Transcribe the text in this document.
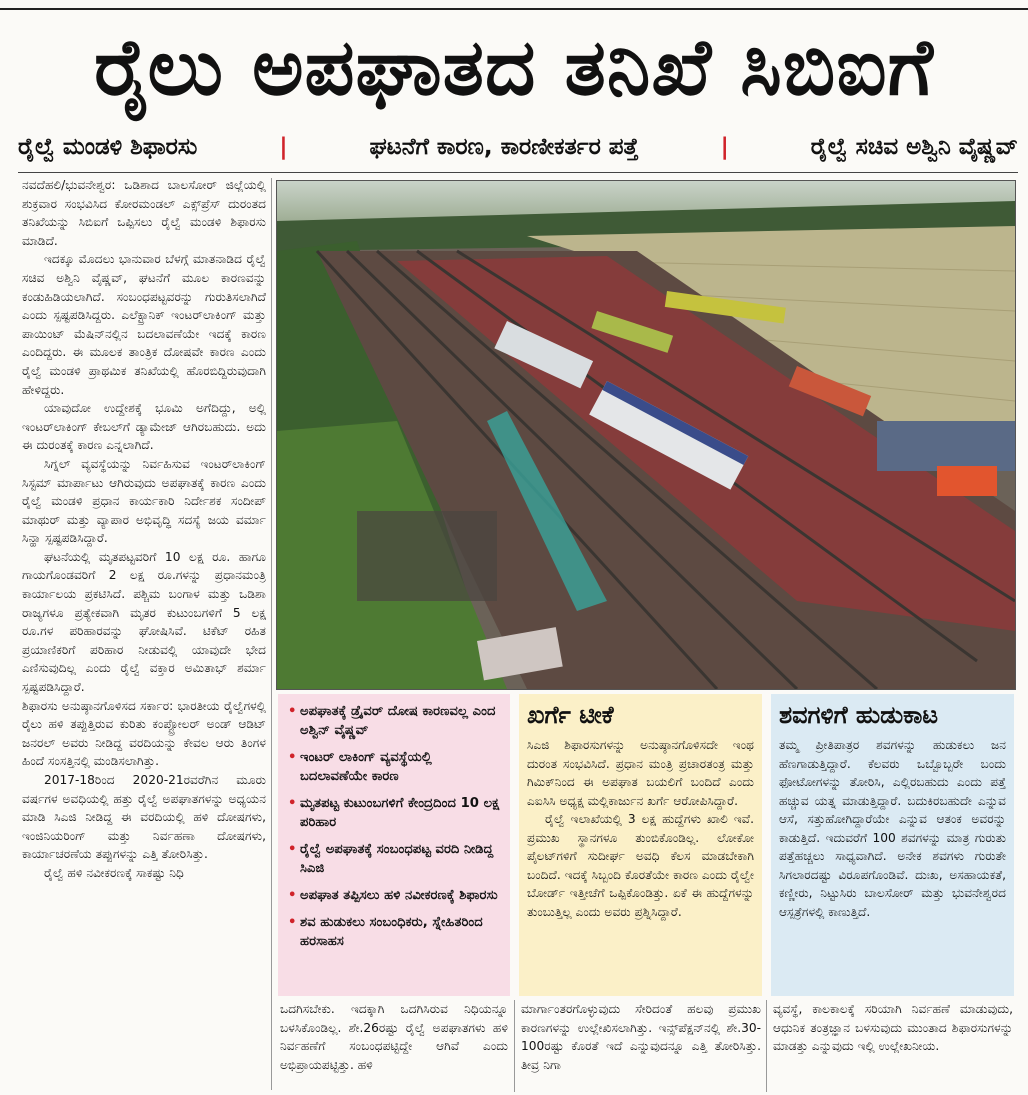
ರೈಲು ಅಪಘಾತದ ತನಿಖೆ ಸಿಬಿಐಗೆ
ರೈಲ್ವೆ ಮಂಡಳಿ ಶಿಫಾರಸು	|	ಘಟನೆಗೆ ಕಾರಣ, ಕಾರಣೀಕರ್ತರ ಪತ್ತೆ	|	ರೈಲ್ವೆ ಸಚಿವ ಅಶ್ವಿನಿ ವೈಷ್ಣವ್

ನವದೆಹಲಿ/ಭುವನೇಶ್ವರ: ಒಡಿಶಾದ ಬಾಲಸೋರ್ ಜಿಲ್ಲೆಯಲ್ಲಿ ಶುಕ್ರವಾರ ಸಂಭವಿಸಿದ ಕೋರಮಂಡಲ್ ಎಕ್ಸ್‌ಪ್ರೆಸ್ ದುರಂತದ ತನಿಖೆಯನ್ನು ಸಿಬಿಐಗೆ ಒಪ್ಪಿಸಲು ರೈಲ್ವೆ ಮಂಡಳಿ ಶಿಫಾರಸು ಮಾಡಿದೆ.

ಇದಕ್ಕೂ ಮೊದಲು ಭಾನುವಾರ ಬೆಳಗ್ಗೆ ಮಾತನಾಡಿದ ರೈಲ್ವೆ ಸಚಿವ ಅಶ್ವಿನಿ ವೈಷ್ಣವ್, ಘಟನೆಗೆ ಮೂಲ ಕಾರಣವನ್ನು ಕಂಡುಹಿಡಿಯಲಾಗಿದೆ. ಸಂಬಂಧಪಟ್ಟವರನ್ನು ಗುರುತಿಸಲಾಗಿದೆ ಎಂದು ಸ್ಪಷ್ಟಪಡಿಸಿದ್ದರು. ಎಲೆಕ್ಟ್ರಾನಿಕ್ ಇಂಟರ್‌ಲಾಕಿಂಗ್ ಮತ್ತು ಪಾಯಿಂಟ್ ಮೆಷಿನ್‌ನಲ್ಲಿನ ಬದಲಾವಣೆಯೇ ಇದಕ್ಕೆ ಕಾರಣ ಎಂದಿದ್ದರು. ಈ ಮೂಲಕ ತಾಂತ್ರಿಕ ದೋಷವೇ ಕಾರಣ ಎಂದು ರೈಲ್ವೆ ಮಂಡಳಿ ಪ್ರಾಥಮಿಕ ತನಿಖೆಯಲ್ಲಿ ಹೊರಬಿದ್ದಿರುವುದಾಗಿ ಹೇಳಿದ್ದರು.

ಯಾವುದೋ ಉದ್ದೇಶಕ್ಕೆ ಭೂಮಿ ಅಗೆದಿದ್ದು, ಅಲ್ಲಿ ಇಂಟರ್‌ಲಾಕಿಂಗ್ ಕೇಬಲ್‌ಗೆ ಡ್ಯಾಮೇಜ್ ಆಗಿರಬಹುದು. ಅದು ಈ ದುರಂತಕ್ಕೆ ಕಾರಣ ಎನ್ನಲಾಗಿದೆ.

ಸಿಗ್ನಲ್ ವ್ಯವಸ್ಥೆಯನ್ನು ನಿರ್ವಹಿಸುವ ಇಂಟರ್‌ಲಾಕಿಂಗ್ ಸಿಸ್ಟಮ್ ಮಾರ್ಪಾಟು ಆಗಿರುವುದು ಅಪಘಾತಕ್ಕೆ ಕಾರಣ ಎಂದು ರೈಲ್ವೆ ಮಂಡಳಿ ಪ್ರಧಾನ ಕಾರ್ಯಕಾರಿ ನಿರ್ದೇಶಕ ಸಂದೀಪ್ ಮಾಥುರ್ ಮತ್ತು ವ್ಯಾಪಾರ ಅಭಿವೃದ್ಧಿ ಸದಸ್ಯೆ ಜಯ ವರ್ಮಾ ಸಿನ್ಹಾ ಸ್ಪಷ್ಟಪಡಿಸಿದ್ದಾರೆ.

ಘಟನೆಯಲ್ಲಿ ಮೃತಪಟ್ಟವರಿಗೆ 10 ಲಕ್ಷ ರೂ. ಹಾಗೂ ಗಾಯಗೊಂಡವರಿಗೆ 2 ಲಕ್ಷ ರೂ.ಗಳನ್ನು ಪ್ರಧಾನಮಂತ್ರಿ ಕಾರ್ಯಾಲಯ ಪ್ರಕಟಿಸಿದೆ. ಪಶ್ಚಿಮ ಬಂಗಾಳ ಮತ್ತು ಒಡಿಶಾ ರಾಜ್ಯಗಳೂ ಪ್ರತ್ಯೇಕವಾಗಿ ಮೃತರ ಕುಟುಂಬಗಳಿಗೆ 5 ಲಕ್ಷ ರೂ.ಗಳ ಪರಿಹಾರವನ್ನು ಘೋಷಿಸಿವೆ. ಟಿಕೆಟ್ ರಹಿತ ಪ್ರಯಾಣಿಕರಿಗೆ ಪರಿಹಾರ ನೀಡುವಲ್ಲಿ ಯಾವುದೇ ಭೇದ ಎಣಿಸುವುದಿಲ್ಲ ಎಂದು ರೈಲ್ವೆ ವಕ್ತಾರ ಅಮಿತಾಭ್ ಶರ್ಮಾ ಸ್ಪಷ್ಟಪಡಿಸಿದ್ದಾರೆ.

ಶಿಫಾರಸು ಅನುಷ್ಠಾನಗೊಳಿಸದ ಸರ್ಕಾರ: ಭಾರತೀಯ ರೈಲ್ವೆಗಳಲ್ಲಿ ರೈಲು ಹಳಿ ತಪ್ಪುತ್ತಿರುವ ಕುರಿತು ಕಂಪ್ಟ್ರೋಲರ್ ಅಂಡ್ ಆಡಿಟ್ ಜನರಲ್ ಅವರು ನೀಡಿದ್ದ ವರದಿಯನ್ನು ಕೇವಲ ಆರು ತಿಂಗಳ ಹಿಂದೆ ಸಂಸತ್ತಿನಲ್ಲಿ ಮಂಡಿಸಲಾಗಿತ್ತು.

2017-18ರಿಂದ 2020-21ರವರೆಗಿನ ಮೂರು ವರ್ಷಗಳ ಅವಧಿಯಲ್ಲಿ ಹತ್ತು ರೈಲ್ವೆ ಅಪಘಾತಗಳನ್ನು ಅಧ್ಯಯನ ಮಾಡಿ ಸಿಎಜಿ ನೀಡಿದ್ದ ಈ ವರದಿಯಲ್ಲಿ ಹಳಿ ದೋಷಗಳು, ಇಂಜಿನಿಯರಿಂಗ್ ಮತ್ತು ನಿರ್ವಹಣಾ ದೋಷಗಳು, ಕಾರ್ಯಾಚರಣೆಯ ತಪ್ಪುಗಳನ್ನು ಎತ್ತಿ ತೋರಿಸಿತ್ತು.

ರೈಲ್ವೆ ಹಳಿ ನವೀಕರಣಕ್ಕೆ ಸಾಕಷ್ಟು ನಿಧಿ

• ಅಪಘಾತಕ್ಕೆ ಡ್ರೈವರ್ ದೋಷ ಕಾರಣವಲ್ಲ ಎಂದ ಅಶ್ವಿನ್ ವೈಷ್ಣವ್
• ಇಂಟರ್ ಲಾಕಿಂಗ್ ವ್ಯವಸ್ಥೆಯಲ್ಲಿ ಬದಲಾವಣೆಯೇ ಕಾರಣ
• ಮೃತಪಟ್ಟ ಕುಟುಂಬಗಳಿಗೆ ಕೇಂದ್ರದಿಂದ 10 ಲಕ್ಷ ಪರಿಹಾರ
• ರೈಲ್ವೆ ಅಪಘಾತಕ್ಕೆ ಸಂಬಂಧಪಟ್ಟ ವರದಿ ನೀಡಿದ್ದ ಸಿಎಜಿ
• ಅಪಘಾತ ತಪ್ಪಿಸಲು ಹಳಿ ನವೀಕರಣಕ್ಕೆ ಶಿಫಾರಸು
• ಶವ ಹುಡುಕಲು ಸಂಬಂಧಿಕರು, ಸ್ನೇಹಿತರಿಂದ ಹರಸಾಹಸ
ಖರ್ಗೆ ಟೀಕೆ

ಸಿಎಜಿ ಶಿಫಾರಸುಗಳನ್ನು ಅನುಷ್ಠಾನಗೊಳಿಸದೇ ಇಂಥ ದುರಂತ ಸಂಭವಿಸಿದೆ. ಪ್ರಧಾನ ಮಂತ್ರಿ ಪ್ರಚಾರತಂತ್ರ ಮತ್ತು ಗಿಮಿಕ್‌ನಿಂದ ಈ ಅಪಘಾತ ಬಯಲಿಗೆ ಬಂದಿದೆ ಎಂದು ಎಐಸಿಸಿ ಅಧ್ಯಕ್ಷ ಮಲ್ಲಿಕಾರ್ಜುನ ಖರ್ಗೆ ಆರೋಪಿಸಿದ್ದಾರೆ.

ರೈಲ್ವೆ ಇಲಾಖೆಯಲ್ಲಿ 3 ಲಕ್ಷ ಹುದ್ದೆಗಳು ಖಾಲಿ ಇವೆ. ಪ್ರಮುಖ ಸ್ಥಾನಗಳೂ ತುಂಬಿಕೊಂಡಿಲ್ಲ. ಲೋಕೋ ಪೈಲಟ್‌ಗಳಿಗೆ ಸುದೀರ್ಘ ಅವಧಿ ಕೆಲಸ ಮಾಡಬೇಕಾಗಿ ಬಂದಿದೆ. ಇದಕ್ಕೆ ಸಿಬ್ಬಂದಿ ಕೊರತೆಯೇ ಕಾರಣ ಎಂದು ರೈಲ್ವೇ ಬೋರ್ಡ್ ಇತ್ತೀಚೆಗೆ ಒಪ್ಪಿಕೊಂಡಿತ್ತು. ಏಕೆ ಈ ಹುದ್ದೆಗಳನ್ನು ತುಂಬುತ್ತಿಲ್ಲ ಎಂದು ಅವರು ಪ್ರಶ್ನಿಸಿದ್ದಾರೆ.

ಶವಗಳಿಗೆ ಹುಡುಕಾಟ

ತಮ್ಮ ಪ್ರೀತಿಪಾತ್ರರ ಶವಗಳನ್ನು ಹುಡುಕಲು ಜನ ಹೆಣಗಾಡುತ್ತಿದ್ದಾರೆ. ಕೆಲವರು ಒಬ್ಬೊಬ್ಬರೇ ಬಂದು ಫೋಟೋಗಳನ್ನು ತೋರಿಸಿ, ಎಲ್ಲಿರಬಹುದು ಎಂದು ಪತ್ತೆ ಹಚ್ಚುವ ಯತ್ನ ಮಾಡುತ್ತಿದ್ದಾರೆ. ಬದುಕಿರಬಹುದೇ ಎನ್ನುವ ಆಸೆ, ಸತ್ತುಹೋಗಿದ್ದಾರೆಯೇ ಎನ್ನುವ ಆತಂಕ ಅವರನ್ನು ಕಾಡುತ್ತಿದೆ. ಇದುವರೆಗೆ 100 ಶವಗಳನ್ನು ಮಾತ್ರ ಗುರುತು ಪತ್ತೆಹಚ್ಚಲು ಸಾಧ್ಯವಾಗಿದೆ. ಅನೇಕ ಶವಗಳು ಗುರುತೇ ಸಿಗಲಾರದಷ್ಟು ವಿರೂಪಗೊಂಡಿವೆ. ದುಃಖ, ಅಸಹಾಯಕತೆ, ಕಣ್ಣೀರು, ನಿಟ್ಟುಸಿರು ಬಾಲಸೋರ್ ಮತ್ತು ಭುವನೇಶ್ವರದ ಆಸ್ಪತ್ರೆಗಳಲ್ಲಿ ಕಾಣುತ್ತಿದೆ.

ಒದಗಿಸಬೇಕು. ಇದಕ್ಕಾಗಿ ಒದಗಿಸಿರುವ ನಿಧಿಯನ್ನೂ ಬಳಸಿಕೊಂಡಿಲ್ಲ. ಶೇ.26ರಷ್ಟು ರೈಲ್ವೆ ಅಪಘಾತಗಳು ಹಳಿ ನಿರ್ವಹಣೆಗೆ ಸಂಬಂಧಪಟ್ಟಿದ್ದೇ ಆಗಿವೆ ಎಂದು ಅಭಿಪ್ರಾಯಪಟ್ಟಿತ್ತು. ಹಳಿ
ಮಾರ್ಗಾಂತರಗೊಳ್ಳುವುದು ಸೇರಿದಂತೆ ಹಲವು ಪ್ರಮುಖ ಕಾರಣಗಳನ್ನು ಉಲ್ಲೇಖಿಸಲಾಗಿತ್ತು. ಇನ್ಸ್‌ಪೆಕ್ಷನ್‌ನಲ್ಲಿ ಶೇ.30-100ರಷ್ಟು ಕೊರತೆ ಇದೆ ಎನ್ನುವುದನ್ನೂ ಎತ್ತಿ ತೋರಿಸಿತ್ತು. ತೀವ್ರ ನಿಗಾ
ವ್ಯವಸ್ಥೆ, ಕಾಲಕಾಲಕ್ಕೆ ಸರಿಯಾಗಿ ನಿರ್ವಹಣೆ ಮಾಡುವುದು, ಆಧುನಿಕ ತಂತ್ರಜ್ಞಾನ ಬಳಸುವುದು ಮುಂತಾದ ಶಿಫಾರಸುಗಳನ್ನು ಮಾಡತ್ತು ಎನ್ನುವುದು ಇಲ್ಲಿ ಉಲ್ಲೇಖನೀಯ.
